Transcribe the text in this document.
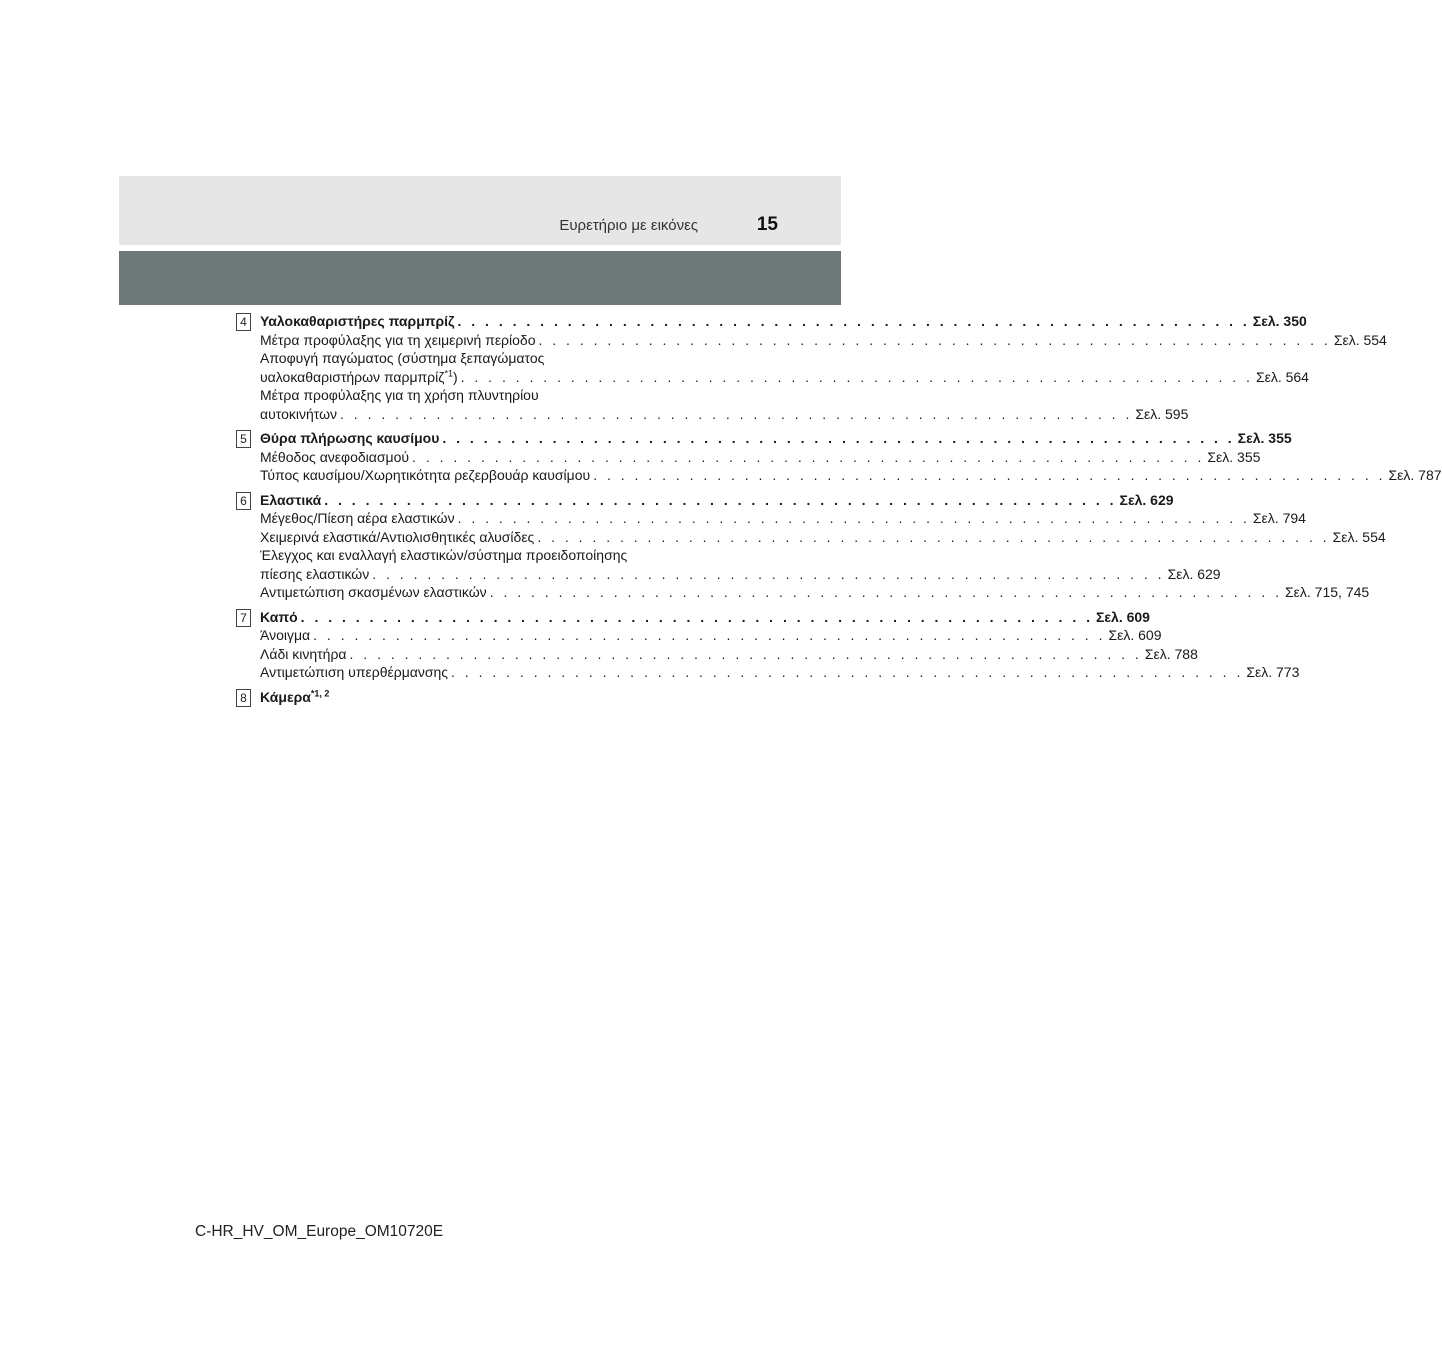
Ευρετήριο με εικόνες	15
4 Υαλοκαθαριστήρες παρμπρίζ . . . . . . . . . . . . . . . . . . . . . . . . . . . . . . . . . . . . . . . . . . . . . . . . . . . . . . . . . . Σελ. 350
Μέτρα προφύλαξης για τη χειμερινή περίοδο . . . . . . . . . . . . . . . . . . . . . . . . . . . . . . . . . . . . . . . . . . . . . . . . . . . . . . . . . . Σελ. 554
Αποφυγή παγώματος (σύστημα ξεπαγώματος
υαλοκαθαριστήρων παρμπρίζ$^{*1}$) . . . . . . . . . . . . . . . . . . . . . . . . . . . . . . . . . . . . . . . . . . . . . . . . . . . . . . . . . . Σελ. 564
Μέτρα προφύλαξης για τη χρήση πλυντηρίου
αυτοκινήτων . . . . . . . . . . . . . . . . . . . . . . . . . . . . . . . . . . . . . . . . . . . . . . . . . . . . . . . . . . Σελ. 595
5 Θύρα πλήρωσης καυσίμου . . . . . . . . . . . . . . . . . . . . . . . . . . . . . . . . . . . . . . . . . . . . . . . . . . . . . . . . . . Σελ. 355
Μέθοδος ανεφοδιασμού . . . . . . . . . . . . . . . . . . . . . . . . . . . . . . . . . . . . . . . . . . . . . . . . . . . . . . . . . . Σελ. 355
Τύπος καυσίμου/Χωρητικότητα ρεζερβουάρ καυσίμου . . . . . . . . . . . . . . . . . . . . . . . . . . . . . . . . . . . . . . . . . . . . . . . . . . . . . . . . . . Σελ. 787
6 Ελαστικά . . . . . . . . . . . . . . . . . . . . . . . . . . . . . . . . . . . . . . . . . . . . . . . . . . . . . . . . . . Σελ. 629
Μέγεθος/Πίεση αέρα ελαστικών . . . . . . . . . . . . . . . . . . . . . . . . . . . . . . . . . . . . . . . . . . . . . . . . . . . . . . . . . . Σελ. 794
Χειμερινά ελαστικά/Αντιολισθητικές αλυσίδες . . . . . . . . . . . . . . . . . . . . . . . . . . . . . . . . . . . . . . . . . . . . . . . . . . . . . . . . . . Σελ. 554
Έλεγχος και εναλλαγή ελαστικών/σύστημα προειδοποίησης
πίεσης ελαστικών . . . . . . . . . . . . . . . . . . . . . . . . . . . . . . . . . . . . . . . . . . . . . . . . . . . . . . . . . . Σελ. 629
Αντιμετώπιση σκασμένων ελαστικών . . . . . . . . . . . . . . . . . . . . . . . . . . . . . . . . . . . . . . . . . . . . . . . . . . . . . . . . . . Σελ. 715, 745
7 Καπό . . . . . . . . . . . . . . . . . . . . . . . . . . . . . . . . . . . . . . . . . . . . . . . . . . . . . . . . . . Σελ. 609
Άνοιγμα . . . . . . . . . . . . . . . . . . . . . . . . . . . . . . . . . . . . . . . . . . . . . . . . . . . . . . . . . . Σελ. 609
Λάδι κινητήρα . . . . . . . . . . . . . . . . . . . . . . . . . . . . . . . . . . . . . . . . . . . . . . . . . . . . . . . . . . Σελ. 788
Αντιμετώπιση υπερθέρμανσης . . . . . . . . . . . . . . . . . . . . . . . . . . . . . . . . . . . . . . . . . . . . . . . . . . . . . . . . . . Σελ. 773
8 Κάμερα$^{*1, 2}$
C-HR_HV_OM_Europe_OM10720E
